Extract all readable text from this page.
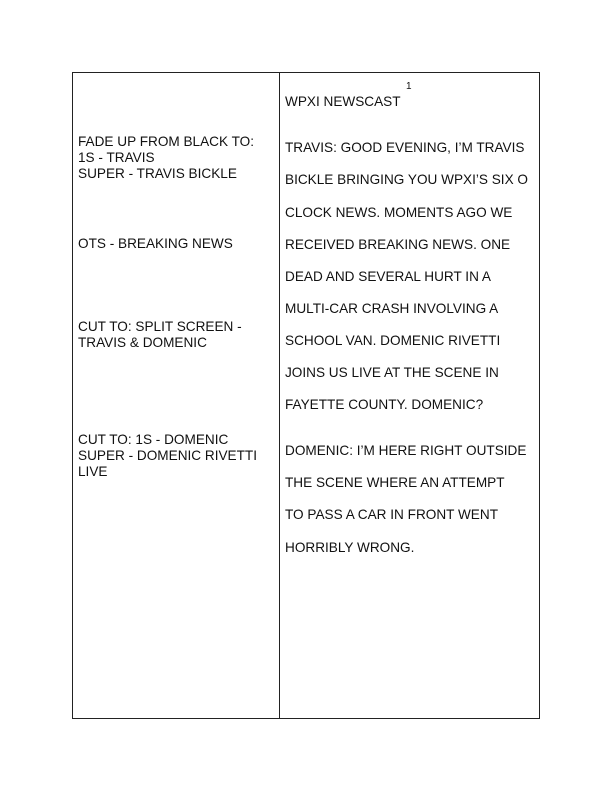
1

FADE UP FROM BLACK TO:

1S - TRAVIS

SUPER - TRAVIS BICKLE

OTS - BREAKING NEWS

CUT TO: SPLIT SCREEN -

TRAVIS & DOMENIC

CUT TO: 1S - DOMENIC

SUPER - DOMENIC RIVETTI

LIVE

WPXI NEWSCAST

TRAVIS: GOOD EVENING, I’M TRAVIS

BICKLE BRINGING YOU WPXI’S SIX O

CLOCK NEWS. MOMENTS AGO WE

RECEIVED BREAKING NEWS. ONE

DEAD AND SEVERAL HURT IN A

MULTI-CAR CRASH INVOLVING A

SCHOOL VAN. DOMENIC RIVETTI

JOINS US LIVE AT THE SCENE IN

FAYETTE COUNTY. DOMENIC?

DOMENIC: I’M HERE RIGHT OUTSIDE

THE SCENE WHERE AN ATTEMPT

TO PASS A CAR IN FRONT WENT

HORRIBLY WRONG.
